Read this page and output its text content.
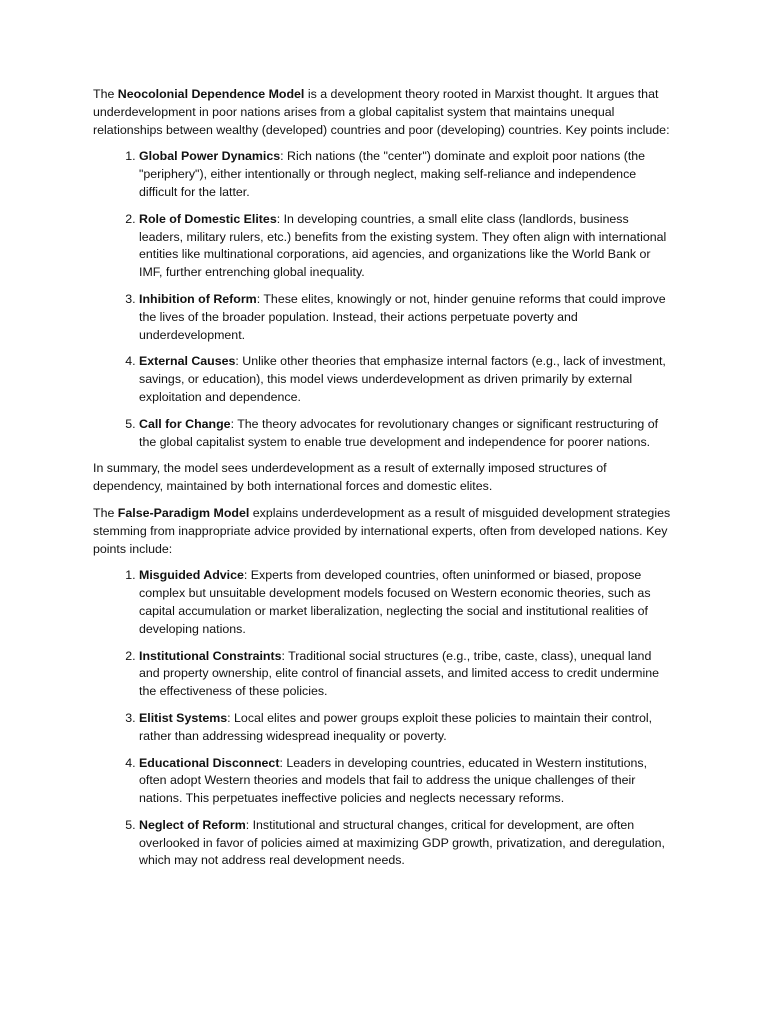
The Neocolonial Dependence Model is a development theory rooted in Marxist thought. It argues that underdevelopment in poor nations arises from a global capitalist system that maintains unequal relationships between wealthy (developed) countries and poor (developing) countries. Key points include:

1. Global Power Dynamics: Rich nations (the "center") dominate and exploit poor nations (the "periphery"), either intentionally or through neglect, making self-reliance and independence difficult for the latter.
2. Role of Domestic Elites: In developing countries, a small elite class (landlords, business leaders, military rulers, etc.) benefits from the existing system. They often align with international entities like multinational corporations, aid agencies, and organizations like the World Bank or IMF, further entrenching global inequality.
3. Inhibition of Reform: These elites, knowingly or not, hinder genuine reforms that could improve the lives of the broader population. Instead, their actions perpetuate poverty and underdevelopment.
4. External Causes: Unlike other theories that emphasize internal factors (e.g., lack of investment, savings, or education), this model views underdevelopment as driven primarily by external exploitation and dependence.
5. Call for Change: The theory advocates for revolutionary changes or significant restructuring of the global capitalist system to enable true development and independence for poorer nations.

In summary, the model sees underdevelopment as a result of externally imposed structures of dependency, maintained by both international forces and domestic elites.

The False-Paradigm Model explains underdevelopment as a result of misguided development strategies stemming from inappropriate advice provided by international experts, often from developed nations. Key points include:

1. Misguided Advice: Experts from developed countries, often uninformed or biased, propose complex but unsuitable development models focused on Western economic theories, such as capital accumulation or market liberalization, neglecting the social and institutional realities of developing nations.
2. Institutional Constraints: Traditional social structures (e.g., tribe, caste, class), unequal land and property ownership, elite control of financial assets, and limited access to credit undermine the effectiveness of these policies.
3. Elitist Systems: Local elites and power groups exploit these policies to maintain their control, rather than addressing widespread inequality or poverty.
4. Educational Disconnect: Leaders in developing countries, educated in Western institutions, often adopt Western theories and models that fail to address the unique challenges of their nations. This perpetuates ineffective policies and neglects necessary reforms.
5. Neglect of Reform: Institutional and structural changes, critical for development, are often overlooked in favor of policies aimed at maximizing GDP growth, privatization, and deregulation, which may not address real development needs.
